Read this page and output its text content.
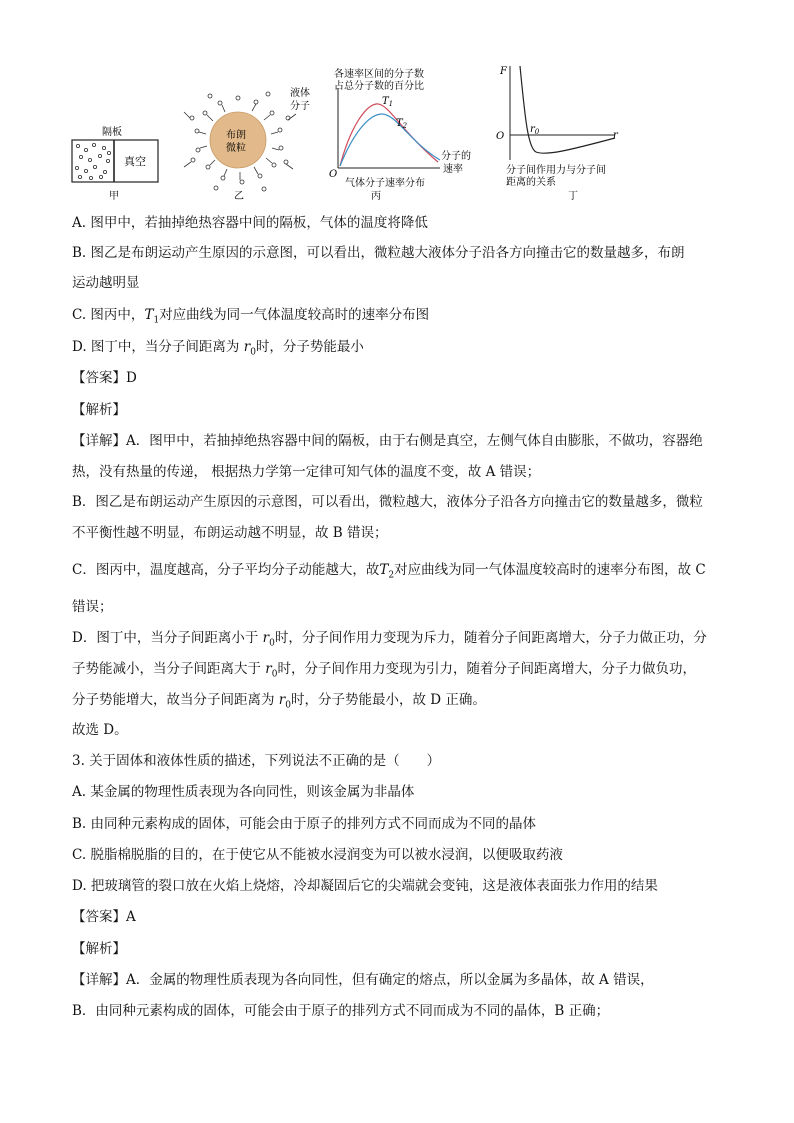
隔板
真空
甲
布朗
微粒
液体
分子
乙
各速率区间的分子数
占总分子数的百分比
$T_1$
$T_2$
O
分子的
速率
气体分子速率分布
丙
F
O
$r_0$	r
分子间作用力与分子间
距离的关系
丁
A. 图甲中，若抽掉绝热容器中间的隔板，气体的温度将降低
B. 图乙是布朗运动产生原因的示意图，可以看出，微粒越大液体分子沿各方向撞击它的数量越多，布朗
运动越明显
C. 图丙中，$T_1$对应曲线为同一气体温度较高时的速率分布图
D. 图丁中，当分子间距离为 $r_0$时，分子势能最小
【答案】D
【解析】
【详解】A．图甲中，若抽掉绝热容器中间的隔板，由于右侧是真空，左侧气体自由膨胀，不做功，容器绝
热，没有热量的传递， 根据热力学第一定律可知气体的温度不变，故 A 错误；
B．图乙是布朗运动产生原因的示意图，可以看出，微粒越大，液体分子沿各方向撞击它的数量越多，微粒
不平衡性越不明显，布朗运动越不明显，故 B 错误；
C．图丙中，温度越高，分子平均分子动能越大，故$T_2$对应曲线为同一气体温度较高时的速率分布图，故 C
错误；
D．图丁中，当分子间距离小于 $r_0$时，分子间作用力变现为斥力，随着分子间距离增大，分子力做正功，分
子势能减小，当分子间距离大于 $r_0$时，分子间作用力变现为引力，随着分子间距离增大，分子力做负功，
分子势能增大，故当分子间距离为 $r_0$时，分子势能最小，故 D 正确。
故选 D。
3. 关于固体和液体性质的描述，下列说法不正确的是（　　）
A. 某金属的物理性质表现为各向同性，则该金属为非晶体
B. 由同种元素构成的固体，可能会由于原子的排列方式不同而成为不同的晶体
C. 脱脂棉脱脂的目的，在于使它从不能被水浸润变为可以被水浸润，以便吸取药液
D. 把玻璃管的裂口放在火焰上烧熔，冷却凝固后它的尖端就会变钝，这是液体表面张力作用的结果
【答案】A
【解析】
【详解】A．金属的物理性质表现为各向同性，但有确定的熔点，所以金属为多晶体，故 A 错误，
B．由同种元素构成的固体，可能会由于原子的排列方式不同而成为不同的晶体，B 正确；
